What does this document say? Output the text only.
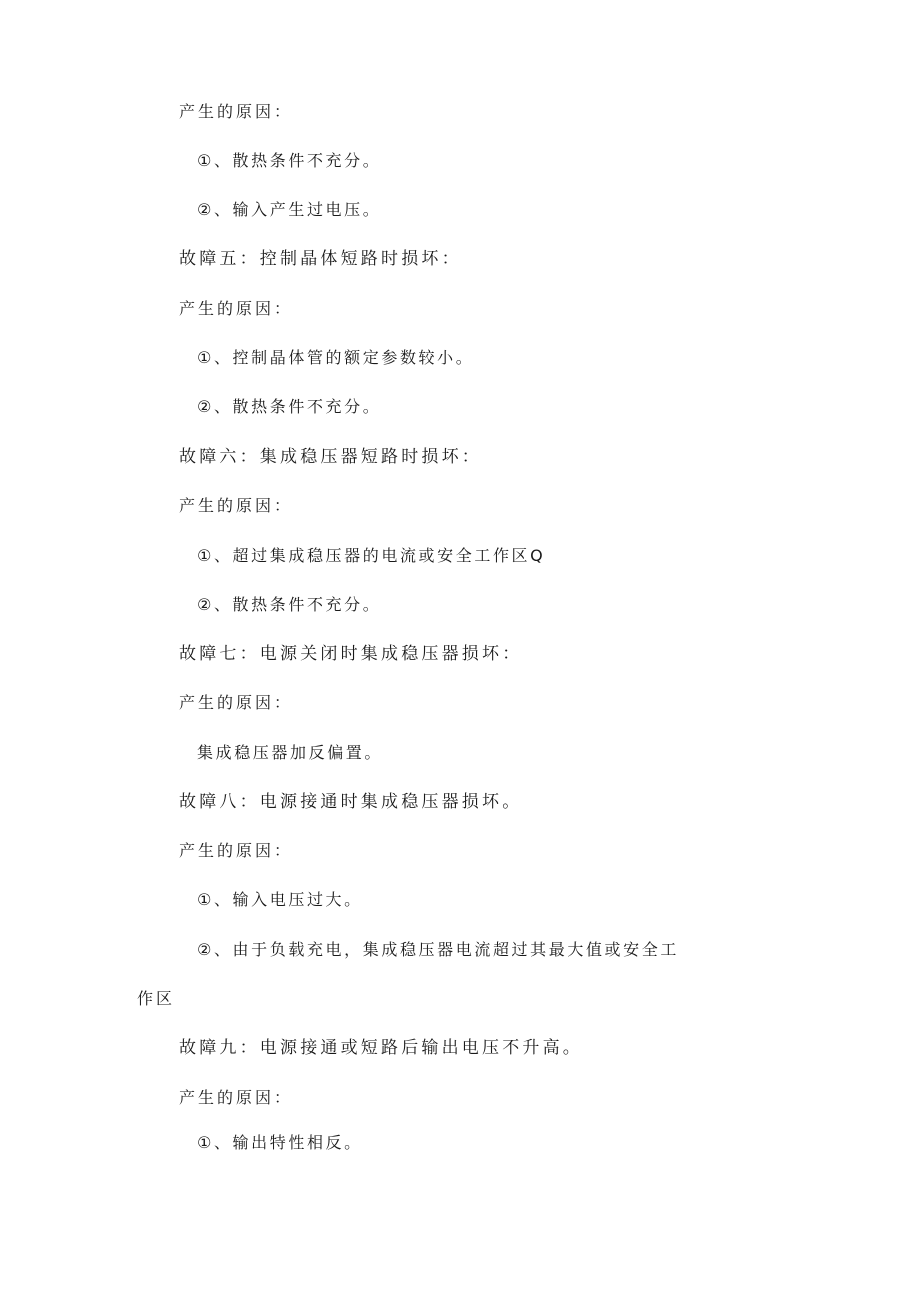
产生的原因：
①、散热条件不充分。
②、输入产生过电压。
故障五：控制晶体短路时损坏：
产生的原因：
①、控制晶体管的额定参数较小。
②、散热条件不充分。
故障六：集成稳压器短路时损坏：
产生的原因：
①、超过集成稳压器的电流或安全工作区Q
②、散热条件不充分。
故障七：电源关闭时集成稳压器损坏：
产生的原因：
集成稳压器加反偏置。
故障八：电源接通时集成稳压器损坏。
产生的原因：
①、输入电压过大。
②、由于负载充电，集成稳压器电流超过其最大值或安全工
作区
故障九：电源接通或短路后输出电压不升高。
产生的原因：
①、输出特性相反。
